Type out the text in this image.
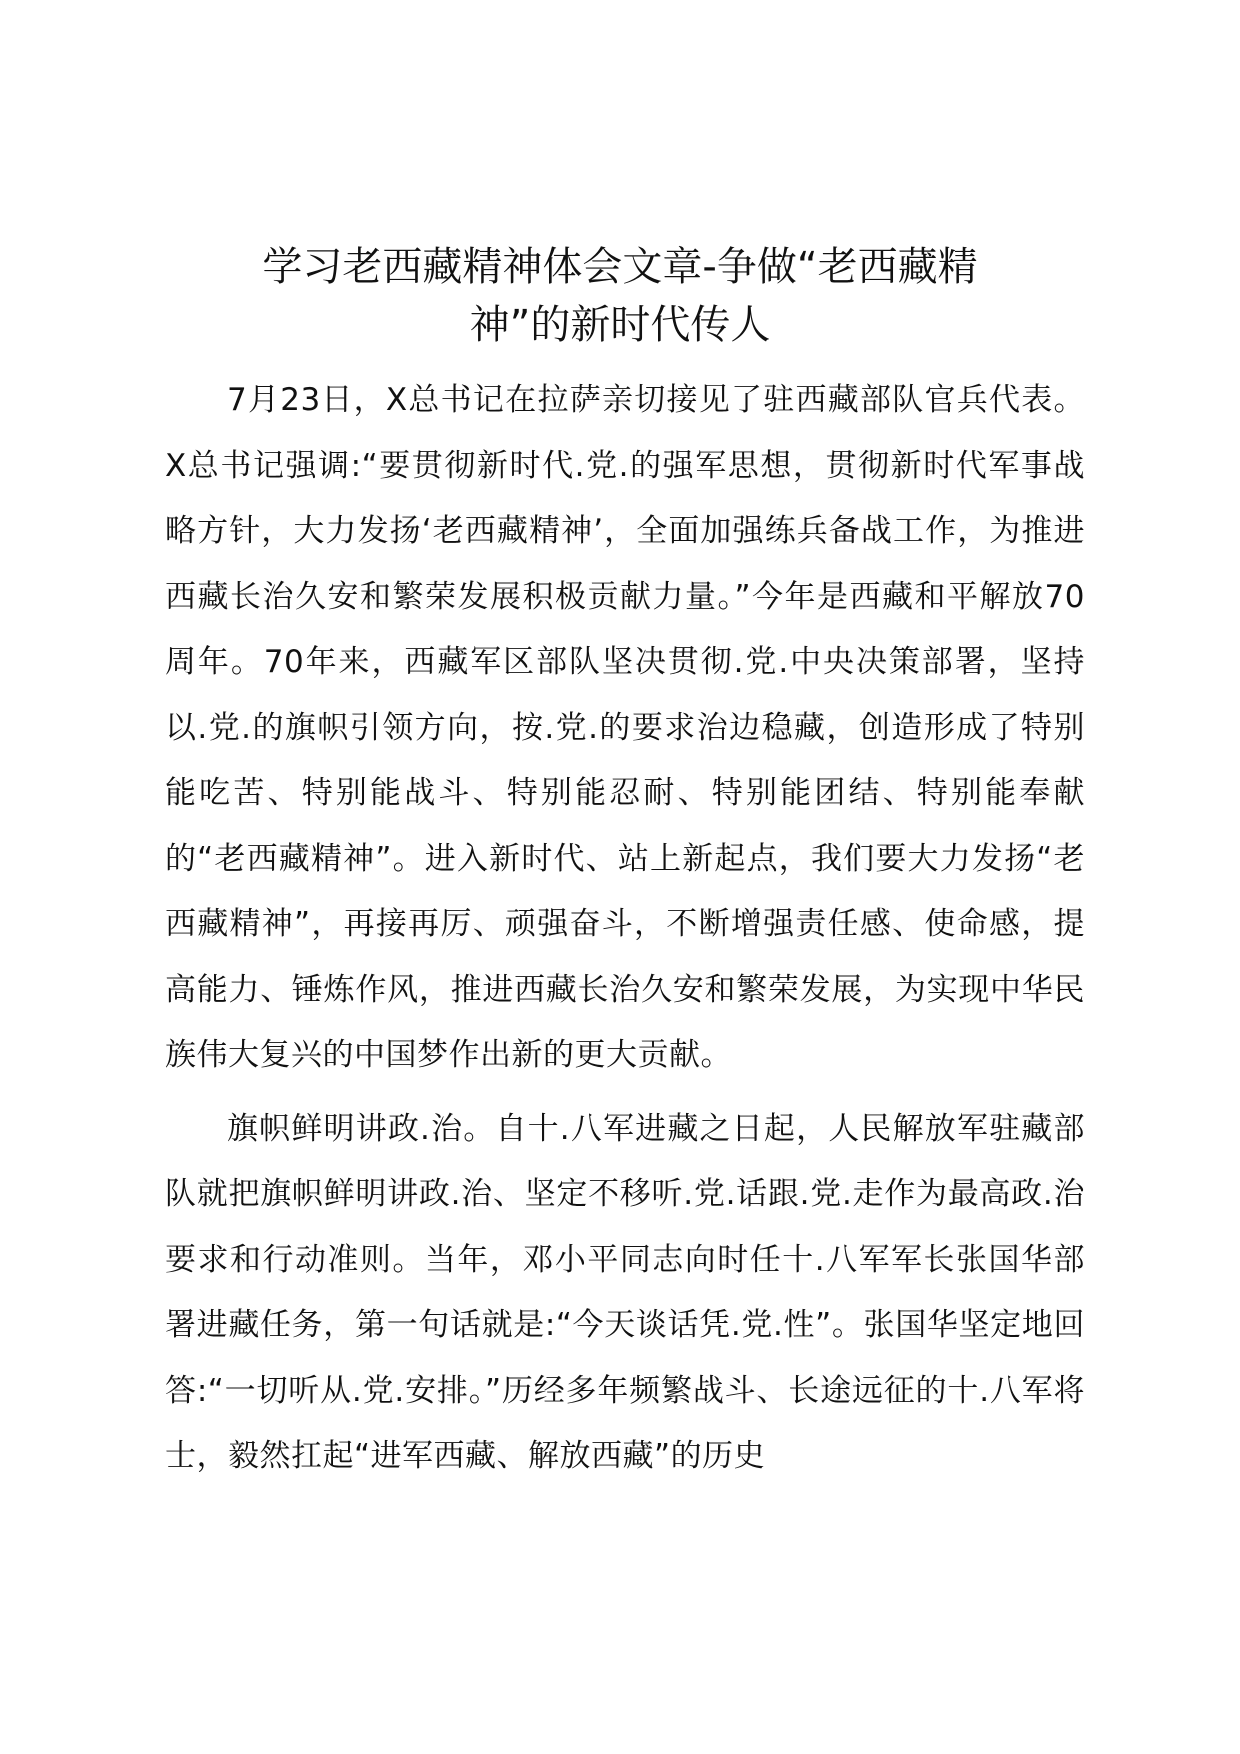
学习老西藏精神体会文章-争做“老西藏精
神”的新时代传人

7月23日，X总书记在拉萨亲切接见了驻西藏部队官兵代表。X总书记强调:“要贯彻新时代.党.的强军思想，贯彻新时代军事战略方针，大力发扬‘老西藏精神’，全面加强练兵备战工作，为推进西藏长治久安和繁荣发展积极贡献力量。”今年是西藏和平解放70周年。70年来，西藏军区部队坚决贯彻.党.中央决策部署，坚持以.党.的旗帜引领方向，按.党.的要求治边稳藏，创造形成了特别能吃苦、特别能战斗、特别能忍耐、特别能团结、特别能奉献的“老西藏精神”。进入新时代、站上新起点，我们要大力发扬“老西藏精神”，再接再厉、顽强奋斗，不断增强责任感、使命感，提高能力、锤炼作风，推进西藏长治久安和繁荣发展，为实现中华民族伟大复兴的中国梦作出新的更大贡献。

旗帜鲜明讲政.治。自十.八军进藏之日起，人民解放军驻藏部队就把旗帜鲜明讲政.治、坚定不移听.党.话跟.党.走作为最高政.治要求和行动准则。当年，邓小平同志向时任十.八军军长张国华部署进藏任务，第一句话就是:“今天谈话凭.党.性”。张国华坚定地回答:“一切听从.党.安排。”历经多年频繁战斗、长途远征的十.八军将士，毅然扛起“进军西藏、解放西藏”的历史
